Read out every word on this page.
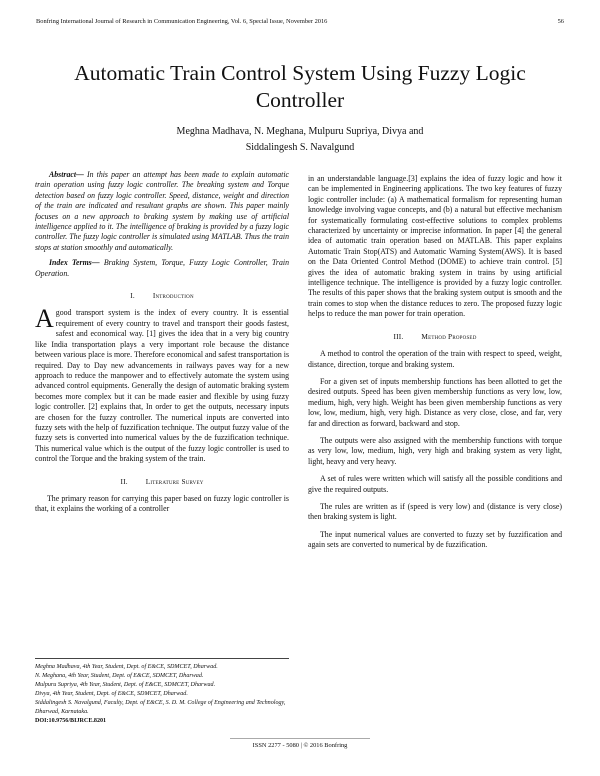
Bonfring International Journal of Research in Communication Engineering, Vol. 6, Special Issue, November 2016	56
Automatic Train Control System Using Fuzzy Logic Controller
Meghna Madhava, N. Meghana, Mulpuru Supriya, Divya and
Siddalingesh S. Navalgund

Abstract— In this paper an attempt has been made to explain automatic train operation using fuzzy logic controller. The breaking system and Torque detection based on fuzzy logic controller. Speed, distance, weight and direction of the train are indicated and resultant graphs are shown. This paper mainly focuses on a new approach to braking system by making use of artificial intelligence applied to it. The intelligence of braking is provided by a fuzzy logic controller. The fuzzy logic controller is simulated using MATLAB. Thus the train stops at station smoothly and automatically.

Index Terms— Braking System, Torque, Fuzzy Logic Controller, Train Operation.

I. Introduction

Agood transport system is the index of every country. It is essential requirement of every country to travel and transport their goods fastest, safest and economical way. [1] gives the idea that in a very big country like India transportation plays a very important role because the distance between various place is more. Therefore economical and safest transportation is required. Day to Day new advancements in railways paves way for a new approach to reduce the manpower and to effectively automate the system using advanced control equipments. Generally the design of automatic braking system becomes more complex but it can be made easier and flexible by using fuzzy logic controller. [2] explains that, In order to get the outputs, necessary inputs are chosen for the fuzzy controller. The numerical inputs are converted into fuzzy sets with the help of fuzzification technique. The output fuzzy value of the fuzzy sets is converted into numerical values by the de fuzzification technique. This numerical value which is the output of the fuzzy logic controller is used to control the Torque and the braking system of the train.

II. Literature Survey

The primary reason for carrying this paper based on fuzzy logic controller is that, it explains the working of a controller

in an understandable language.[3] explains the idea of fuzzy logic and how it can be implemented in Engineering applications. The two key features of fuzzy logic controller include: (a) A mathematical formalism for representing human knowledge involving vague concepts, and (b) a natural but effective mechanism for systematically formulating cost-effective solutions to complex problems characterized by uncertainty or imprecise information. In paper [4] the general idea of automatic train operation based on MATLAB. This paper explains Automatic Train Stop(ATS) and Automatic Warning System(AWS). It is based on the Data Oriented Control Method (DOME) to achieve train control. [5] gives the idea of automatic braking system in trains by using artificial intelligence technique. The intelligence is provided by a fuzzy logic controller. The results of this paper shows that the braking system output is smooth and the train comes to stop when the distance reduces to zero. The proposed fuzzy logic helps to reduce the man power for train operation.

III. Method Proposed

A method to control the operation of the train with respect to speed, weight, distance, direction, torque and braking system.

For a given set of inputs membership functions has been allotted to get the desired outputs. Speed has been given membership functions as very low, low, medium, high, very high. Weight has been given membership functions as very low, low, medium, high, very high. Distance as very close, close, and far, very far and direction as forward, backward and stop.

The outputs were also assigned with the membership functions with torque as very low, low, medium, high, very high and braking system as very light, light, heavy and very heavy.

A set of rules were written which will satisfy all the possible conditions and give the required outputs.

The rules are written as if (speed is very low) and (distance is very close) then braking system is light.

The input numerical values are converted to fuzzy set by fuzzification and again sets are converted to numerical by de fuzzification.

Meghna Madhava, 4th Year, Student, Dept. of E&CE, SDMCET, Dharwad.
N. Meghana, 4th Year, Student, Dept. of E&CE, SDMCET, Dharwad.
Mulpuru Supriya, 4th Year, Student, Dept. of E&CE, SDMCET, Dharwad.
Divya, 4th Year, Student, Dept. of E&CE, SDMCET, Dharwad.
Siddalingesh S. Navalgund, Faculty, Dept. of E&CE, S. D. M. College of Engineering and Technology, Dharwad, Karnataka.
DOI:10.9756/BIJRCE.8201
ISSN 2277 - 5080 | © 2016 Bonfring
